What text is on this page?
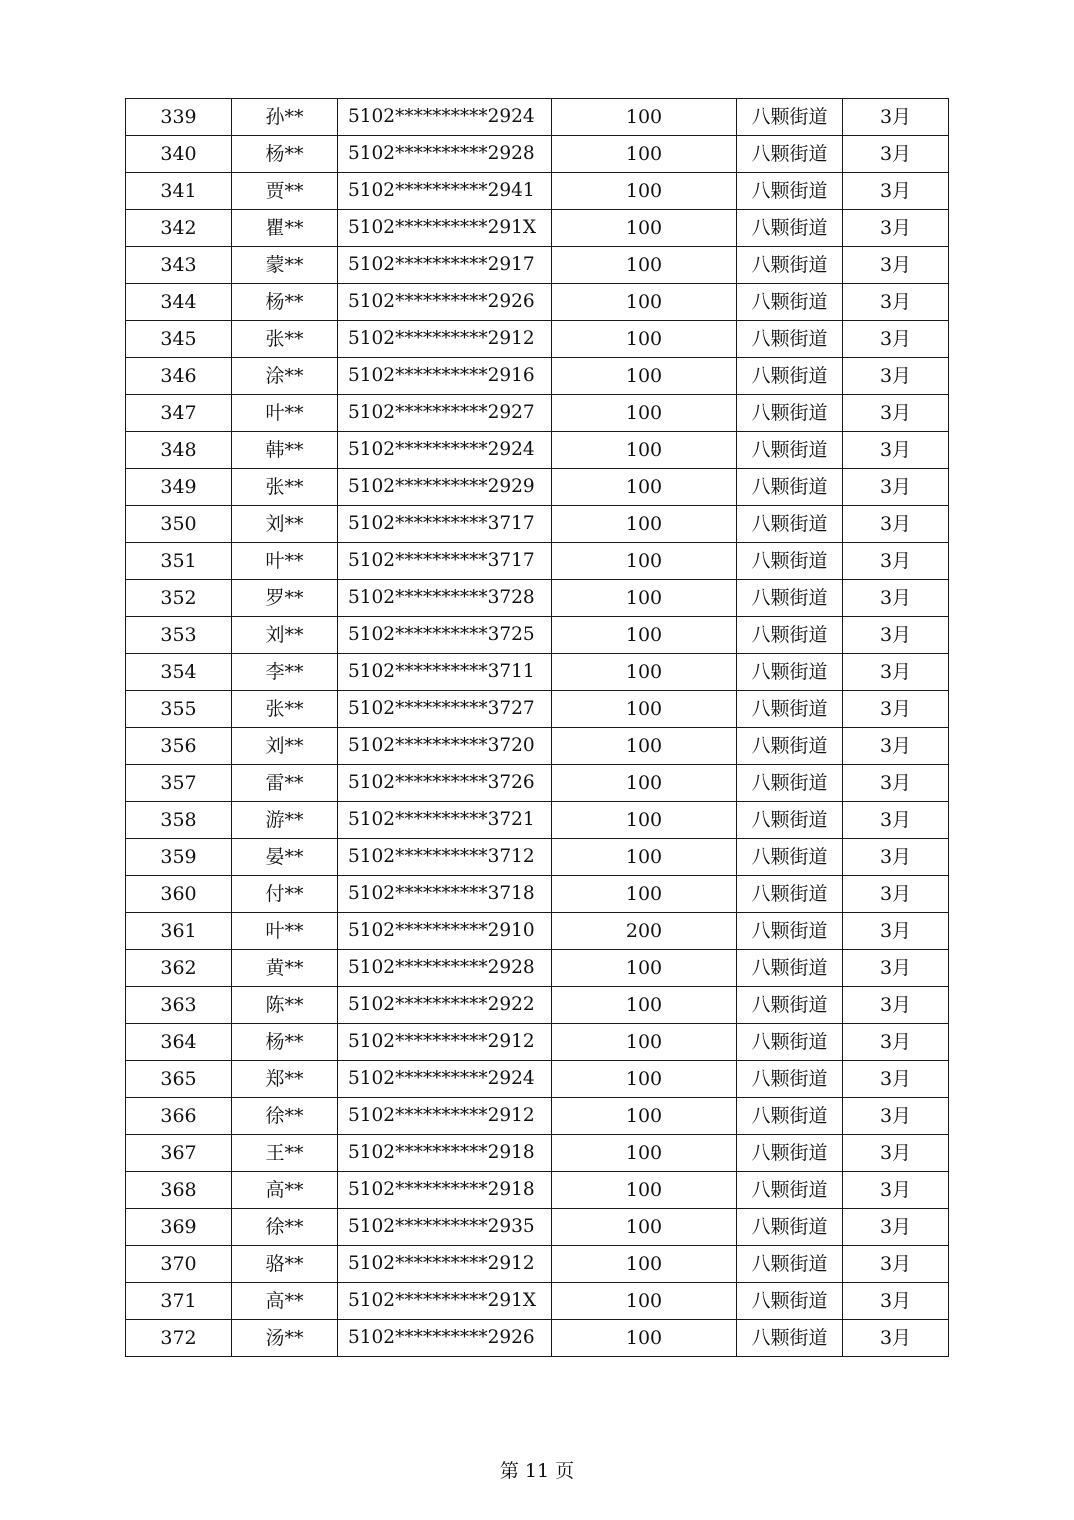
339	孙**	5102**********2924	100	八颗街道	3月
340	杨**	5102**********2928	100	八颗街道	3月
341	贾**	5102**********2941	100	八颗街道	3月
342	瞿**	5102**********291X	100	八颗街道	3月
343	蒙**	5102**********2917	100	八颗街道	3月
344	杨**	5102**********2926	100	八颗街道	3月
345	张**	5102**********2912	100	八颗街道	3月
346	涂**	5102**********2916	100	八颗街道	3月
347	叶**	5102**********2927	100	八颗街道	3月
348	韩**	5102**********2924	100	八颗街道	3月
349	张**	5102**********2929	100	八颗街道	3月
350	刘**	5102**********3717	100	八颗街道	3月
351	叶**	5102**********3717	100	八颗街道	3月
352	罗**	5102**********3728	100	八颗街道	3月
353	刘**	5102**********3725	100	八颗街道	3月
354	李**	5102**********3711	100	八颗街道	3月
355	张**	5102**********3727	100	八颗街道	3月
356	刘**	5102**********3720	100	八颗街道	3月
357	雷**	5102**********3726	100	八颗街道	3月
358	游**	5102**********3721	100	八颗街道	3月
359	晏**	5102**********3712	100	八颗街道	3月
360	付**	5102**********3718	100	八颗街道	3月
361	叶**	5102**********2910	200	八颗街道	3月
362	黄**	5102**********2928	100	八颗街道	3月
363	陈**	5102**********2922	100	八颗街道	3月
364	杨**	5102**********2912	100	八颗街道	3月
365	郑**	5102**********2924	100	八颗街道	3月
366	徐**	5102**********2912	100	八颗街道	3月
367	王**	5102**********2918	100	八颗街道	3月
368	高**	5102**********2918	100	八颗街道	3月
369	徐**	5102**********2935	100	八颗街道	3月
370	骆**	5102**********2912	100	八颗街道	3月
371	高**	5102**********291X	100	八颗街道	3月
372	汤**	5102**********2926	100	八颗街道	3月
第 11 页
